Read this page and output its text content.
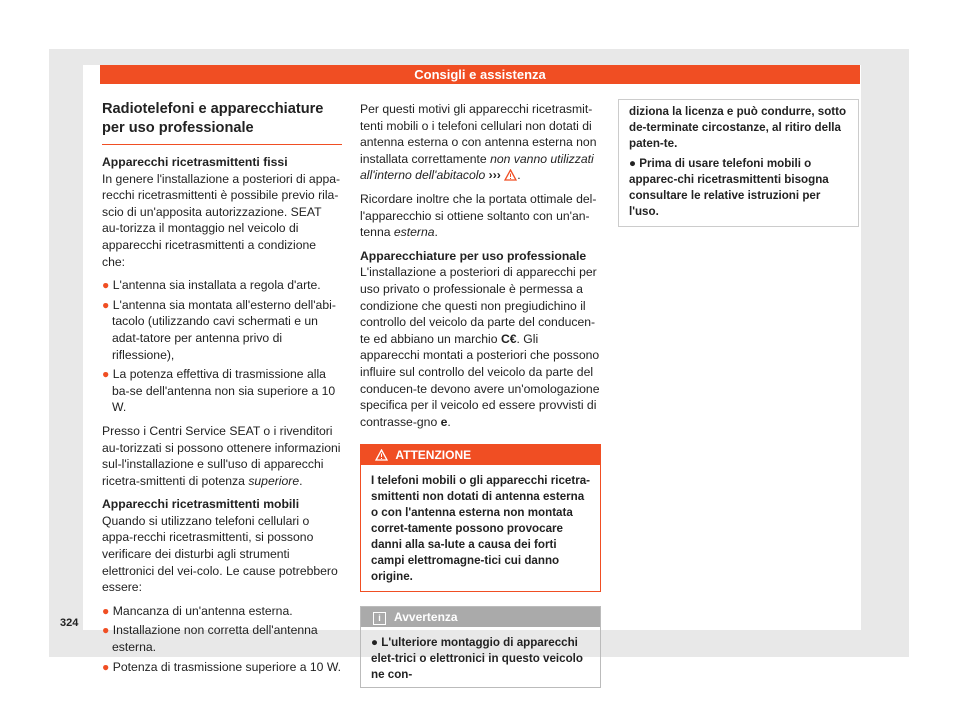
Consigli e assistenza
Radiotelefoni e apparecchiature per uso professionale

Apparecchi ricetrasmittenti fissi

In genere l'installazione a posteriori di appa-recchi ricetrasmittenti è possibile previo rila-scio di un'apposita autorizzazione. SEAT au-torizza il montaggio nel veicolo di apparecchi ricetrasmittenti a condizione che:

● L'antenna sia installata a regola d'arte.

● L'antenna sia montata all'esterno dell'abi-tacolo (utilizzando cavi schermati e un adat-tatore per antenna privo di riflessione),

● La potenza effettiva di trasmissione alla ba-se dell'antenna non sia superiore a 10 W.

Presso i Centri Service SEAT o i rivenditori au-torizzati si possono ottenere informazioni sul-l'installazione e sull'uso di apparecchi ricetra-smittenti di potenza superiore.

Apparecchi ricetrasmittenti mobili

Quando si utilizzano telefoni cellulari o appa-recchi ricetrasmittenti, si possono verificare dei disturbi agli strumenti elettronici del vei-colo. Le cause potrebbero essere:

● Mancanza di un'antenna esterna.

● Installazione non corretta dell'antenna esterna.

● Potenza di trasmissione superiore a 10 W.

Per questi motivi gli apparecchi ricetrasmit-tenti mobili o i telefoni cellulari non dotati di antenna esterna o con antenna esterna non installata correttamente non vanno utilizzati all'interno dell'abitacolo ››› .

Ricordare inoltre che la portata ottimale del-l'apparecchio si ottiene soltanto con un'an-tenna esterna.

Apparecchiature per uso professionale

L'installazione a posteriori di apparecchi per uso privato o professionale è permessa a condizione che questi non pregiudichino il controllo del veicolo da parte del conducen-te ed abbiano un marchio C€. Gli apparecchi montati a posteriori che possono influire sul controllo del veicolo da parte del conducen-te devono avere un'omologazione specifica per il veicolo ed essere provvisti di contrasse-gno e.

ATTENZIONE
I telefoni mobili o gli apparecchi ricetra-smittenti non dotati di antenna esterna o con l'antenna esterna non montata corret-tamente possono provocare danni alla sa-lute a causa dei forti campi elettromagne-tici cui danno origine.
i Avvertenza
● L'ulteriore montaggio di apparecchi elet-trici o elettronici in questo veicolo ne con-

diziona la licenza e può condurre, sotto de-terminate circostanze, al ritiro della paten-te.

● Prima di usare telefoni mobili o apparec-chi ricetrasmittenti bisogna consultare le relative istruzioni per l'uso.

324
